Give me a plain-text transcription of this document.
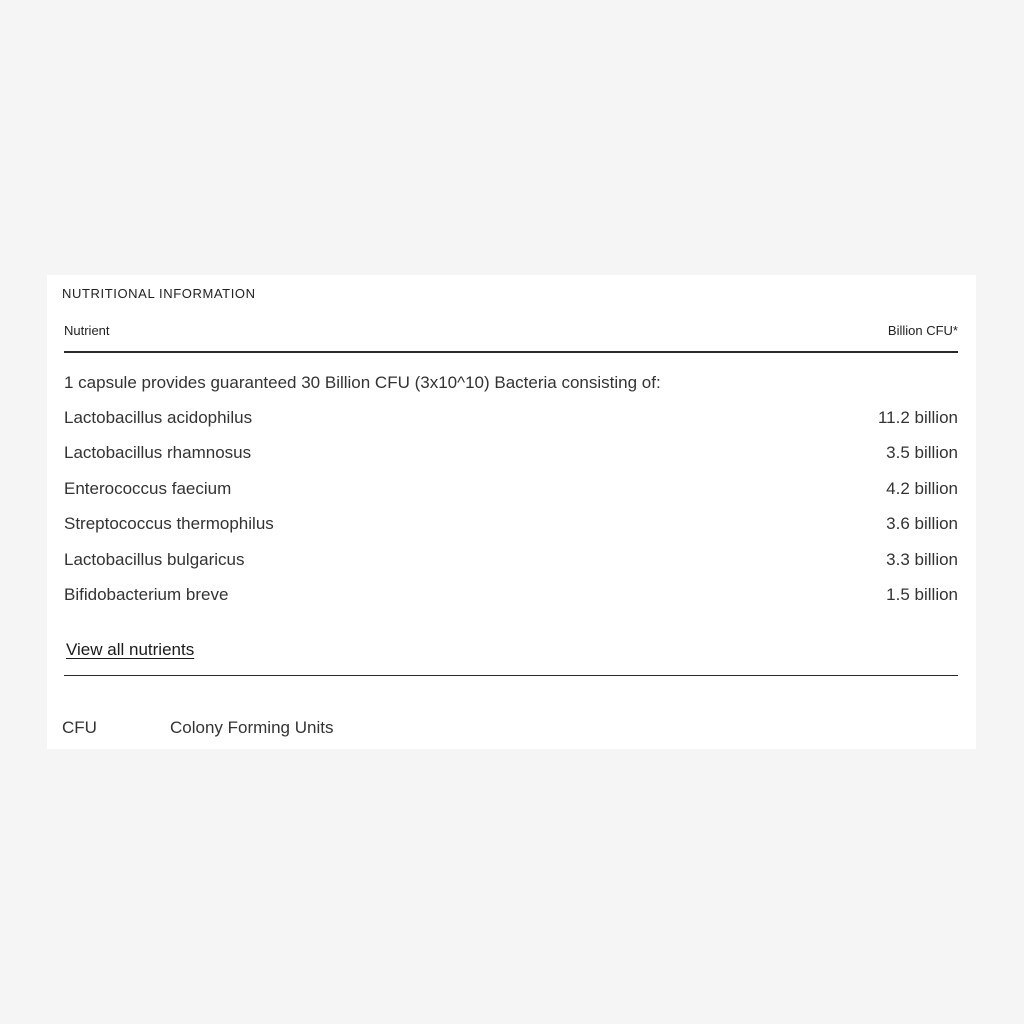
NUTRITIONAL INFORMATION
Nutrient	Billion CFU*
1 capsule provides guaranteed 30 Billion CFU (3x10^10) Bacteria consisting of:
Lactobacillus acidophilus	11.2 billion
Lactobacillus rhamnosus	3.5 billion
Enterococcus faecium	4.2 billion
Streptococcus thermophilus	3.6 billion
Lactobacillus bulgaricus	3.3 billion
Bifidobacterium breve	1.5 billion
View all nutrients
CFU	Colony Forming Units
